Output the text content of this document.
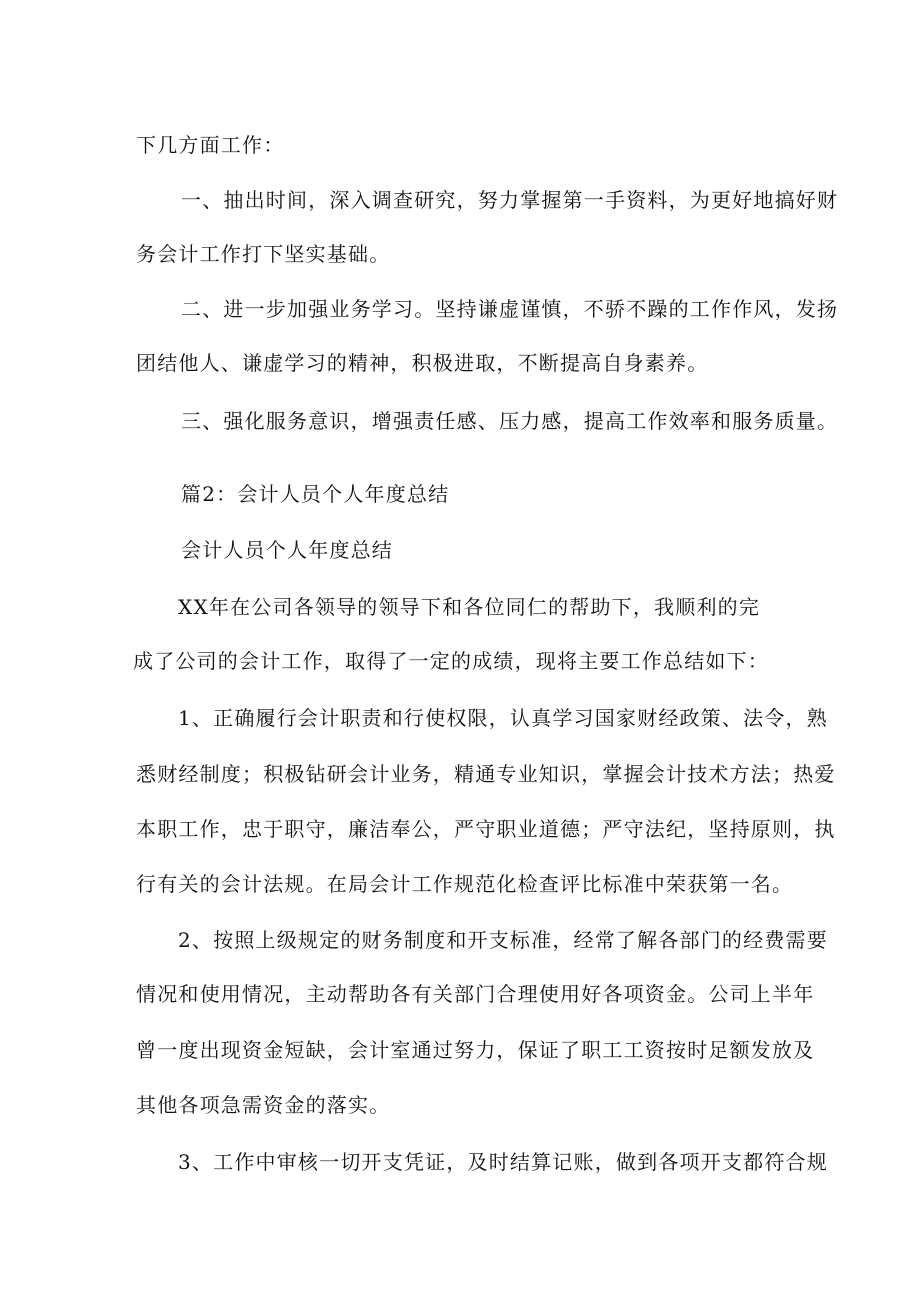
下几方面工作：
一、抽出时间，深入调查研究，努力掌握第一手资料，为更好地搞好财
务会计工作打下坚实基础。
二、进一步加强业务学习。坚持谦虚谨慎，不骄不躁的工作作风，发扬
团结他人、谦虚学习的精神，积极进取，不断提高自身素养。
三、强化服务意识，增强责任感、压力感，提高工作效率和服务质量。
篇2：会计人员个人年度总结
会计人员个人年度总结
XX年在公司各领导的领导下和各位同仁的帮助下，我顺利的完
成了公司的会计工作，取得了一定的成绩，现将主要工作总结如下：
1、正确履行会计职责和行使权限，认真学习国家财经政策、法令，熟
悉财经制度；积极钻研会计业务，精通专业知识，掌握会计技术方法；热爱
本职工作，忠于职守，廉洁奉公，严守职业道德；严守法纪，坚持原则，执
行有关的会计法规。在局会计工作规范化检查评比标准中荣获第一名。
2、按照上级规定的财务制度和开支标准，经常了解各部门的经费需要
情况和使用情况，主动帮助各有关部门合理使用好各项资金。公司上半年
曾一度出现资金短缺，会计室通过努力，保证了职工工资按时足额发放及
其他各项急需资金的落实。
3、工作中审核一切开支凭证，及时结算记账，做到各项开支都符合规
